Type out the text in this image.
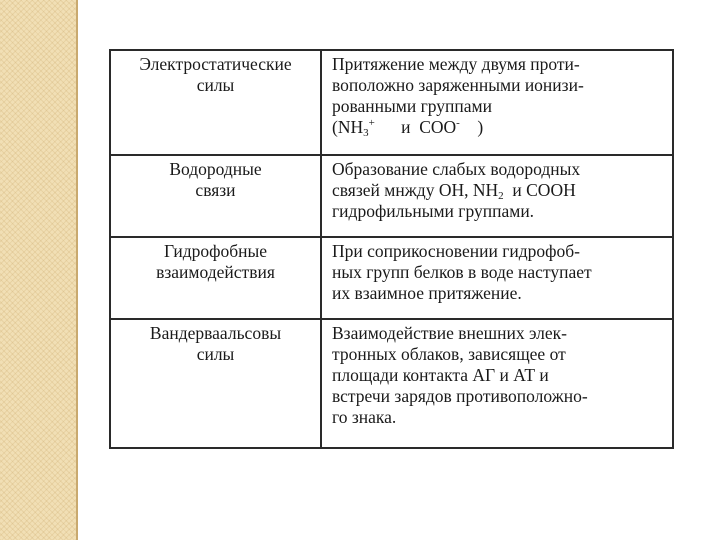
Электростатические
силы	Притяжение между двумя проти-
воположно заряженными ионизи-
рованными группами
($NH_3^+$      и  СОО-    )

Водородные
связи	Образование слабых водородных
связей мнжду ОН, $NH_2$  и СООН
гидрофильными группами.

Гидрофобные
взаимодействия	При соприкосновении гидрофоб-
ных групп белков в воде наступает
их взаимное притяжение.

Вандерваальсовы
силы	Взаимодействие внешних элек-
тронных облаков, зависящее от
площади контакта АГ и АТ и
встречи зарядов противоположно-
го знака.
